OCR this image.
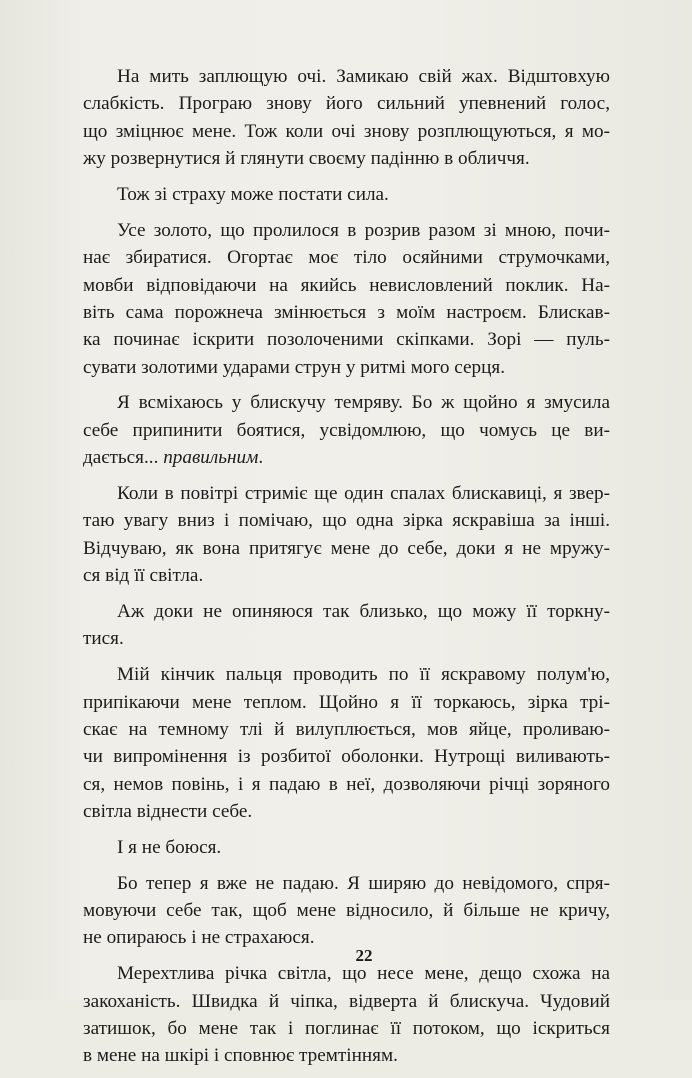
На мить заплющую очі. Замикаю свій жах. Відштовхую
слабкість. Програю знову його сильний упевнений голос,
що зміцнює мене. Тож коли очі знову розплющуються, я мо-
жу розвернутися й глянути своєму падінню в обличчя.
Тож зі страху може постати сила.
Усе золото, що пролилося в розрив разом зі мною, почи-
нає збиратися. Огортає моє тіло осяйними струмочками,
мовби відповідаючи на якийсь невисловлений поклик. На-
віть сама порожнеча змінюється з моїм настроєм. Блискав-
ка починає іскрити позолоченими скіпками. Зорі — пуль-
сувати золотими ударами струн у ритмі мого серця.
Я всміхаюсь у блискучу темряву. Бо ж щойно я змусила
себе припинити боятися, усвідомлюю, що чомусь це ви-
дається... правильним.
Коли в повітрі стриміє ще один спалах блискавиці, я звер-
таю увагу вниз і помічаю, що одна зірка яскравіша за інші.
Відчуваю, як вона притягує мене до себе, доки я не мружу-
ся від її світла.
Аж доки не опиняюся так близько, що можу її торкну-
тися.
Мій кінчик пальця проводить по її яскравому полум'ю,
припікаючи мене теплом. Щойно я її торкаюсь, зірка трі-
скає на темному тлі й вилуплюється, мов яйце, проливаю-
чи випромінення із розбитої оболонки. Нутрощі виливають-
ся, немов повінь, і я падаю в неї, дозволяючи річці зоряного
світла віднести себе.
І я не боюся.
Бо тепер я вже не падаю. Я ширяю до невідомого, спря-
мовуючи себе так, щоб мене відносило, й більше не кричу,
не опираюсь і не страхаюся.
Мерехтлива річка світла, що несе мене, дещо схожа на
закоханість. Швидка й чіпка, відверта й блискуча. Чудовий
затишок, бо мене так і поглинає її потоком, що іскриться
в мене на шкірі і сповнює тремтінням.
22
